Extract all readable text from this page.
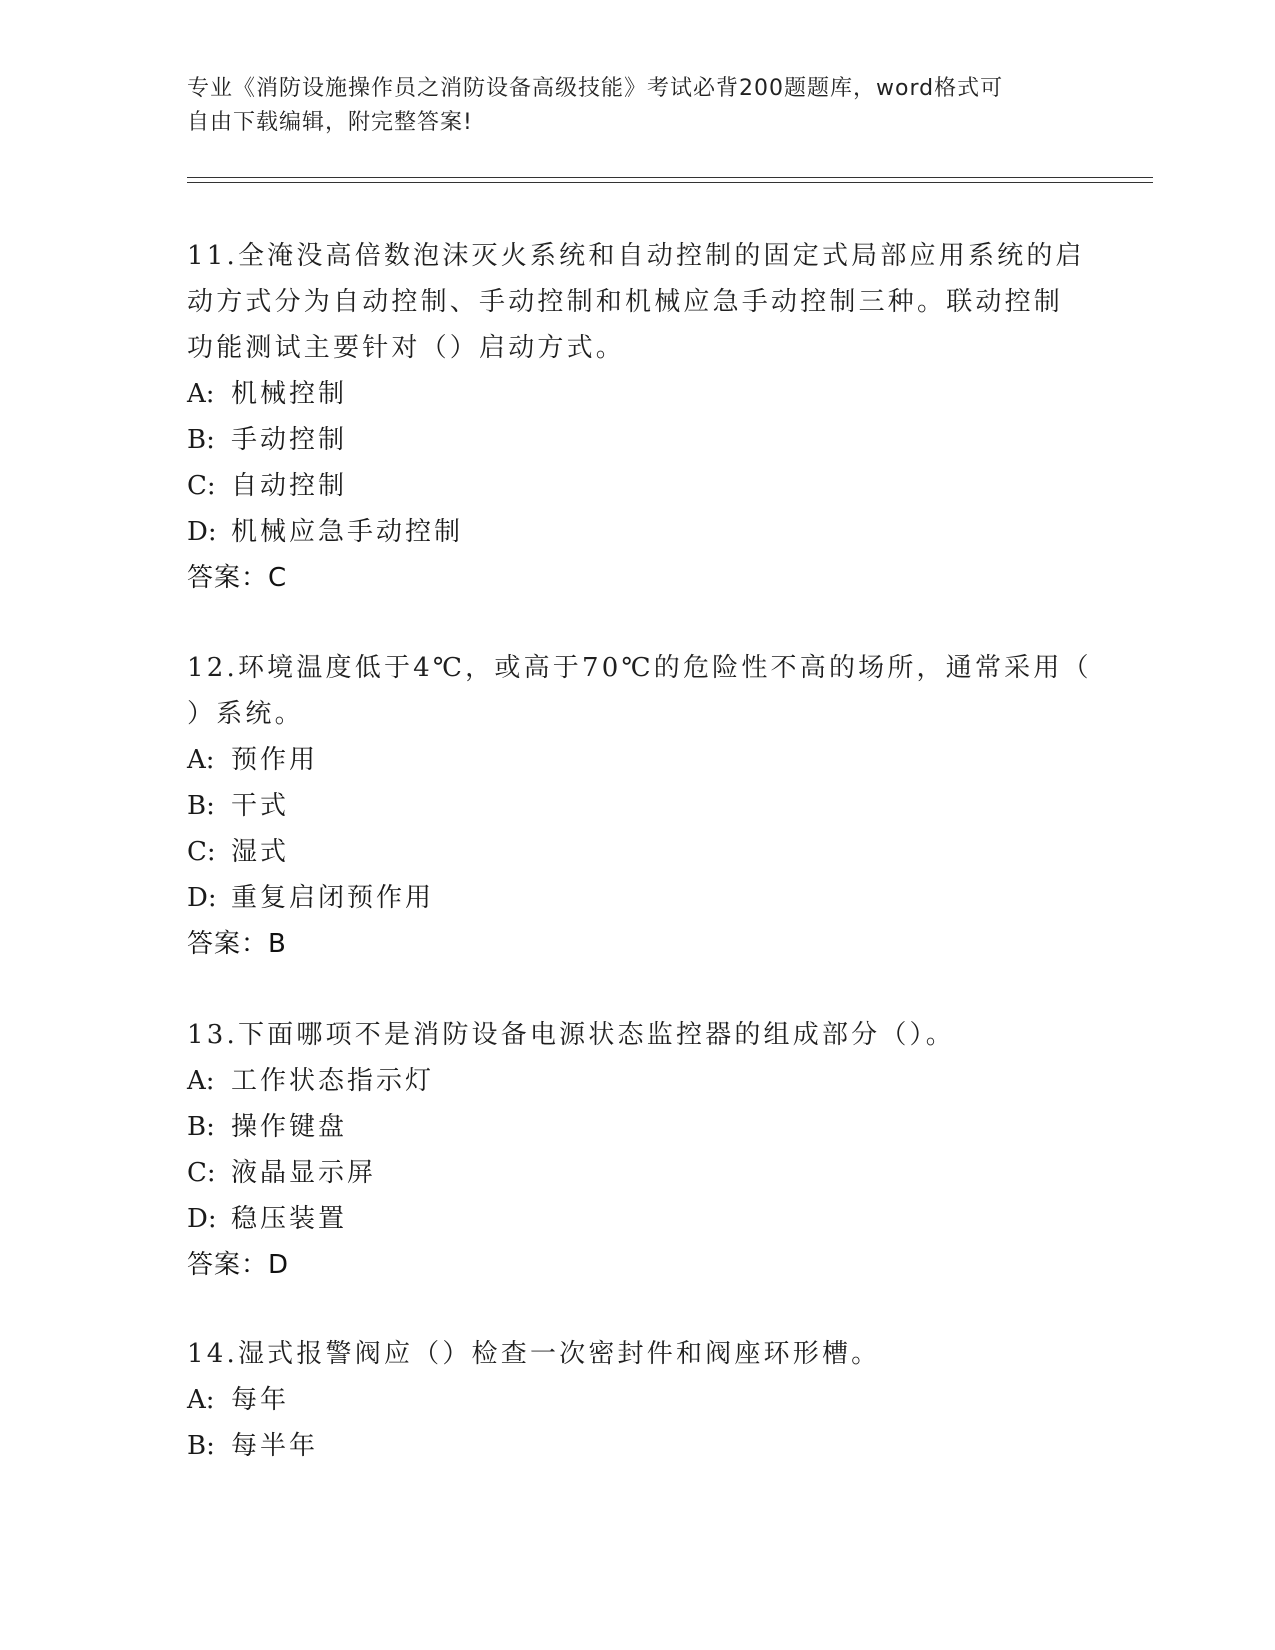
专业《消防设施操作员之消防设备高级技能》考试必背200题题库，word格式可
自由下载编辑，附完整答案!
11.全淹没高倍数泡沫灭火系统和自动控制的固定式局部应用系统的启
动方式分为自动控制、手动控制和机械应急手动控制三种。联动控制
功能测试主要针对（）启动方式。
A: 机械控制
B: 手动控制
C: 自动控制
D: 机械应急手动控制
答案：C
12.环境温度低于4℃，或高于70℃的危险性不高的场所，通常采用（
）系统。
A: 预作用
B: 干式
C: 湿式
D: 重复启闭预作用
答案：B
13.下面哪项不是消防设备电源状态监控器的组成部分（）。
A: 工作状态指示灯
B: 操作键盘
C: 液晶显示屏
D: 稳压装置
答案：D
14.湿式报警阀应（）检查一次密封件和阀座环形槽。
A: 每年
B: 每半年
